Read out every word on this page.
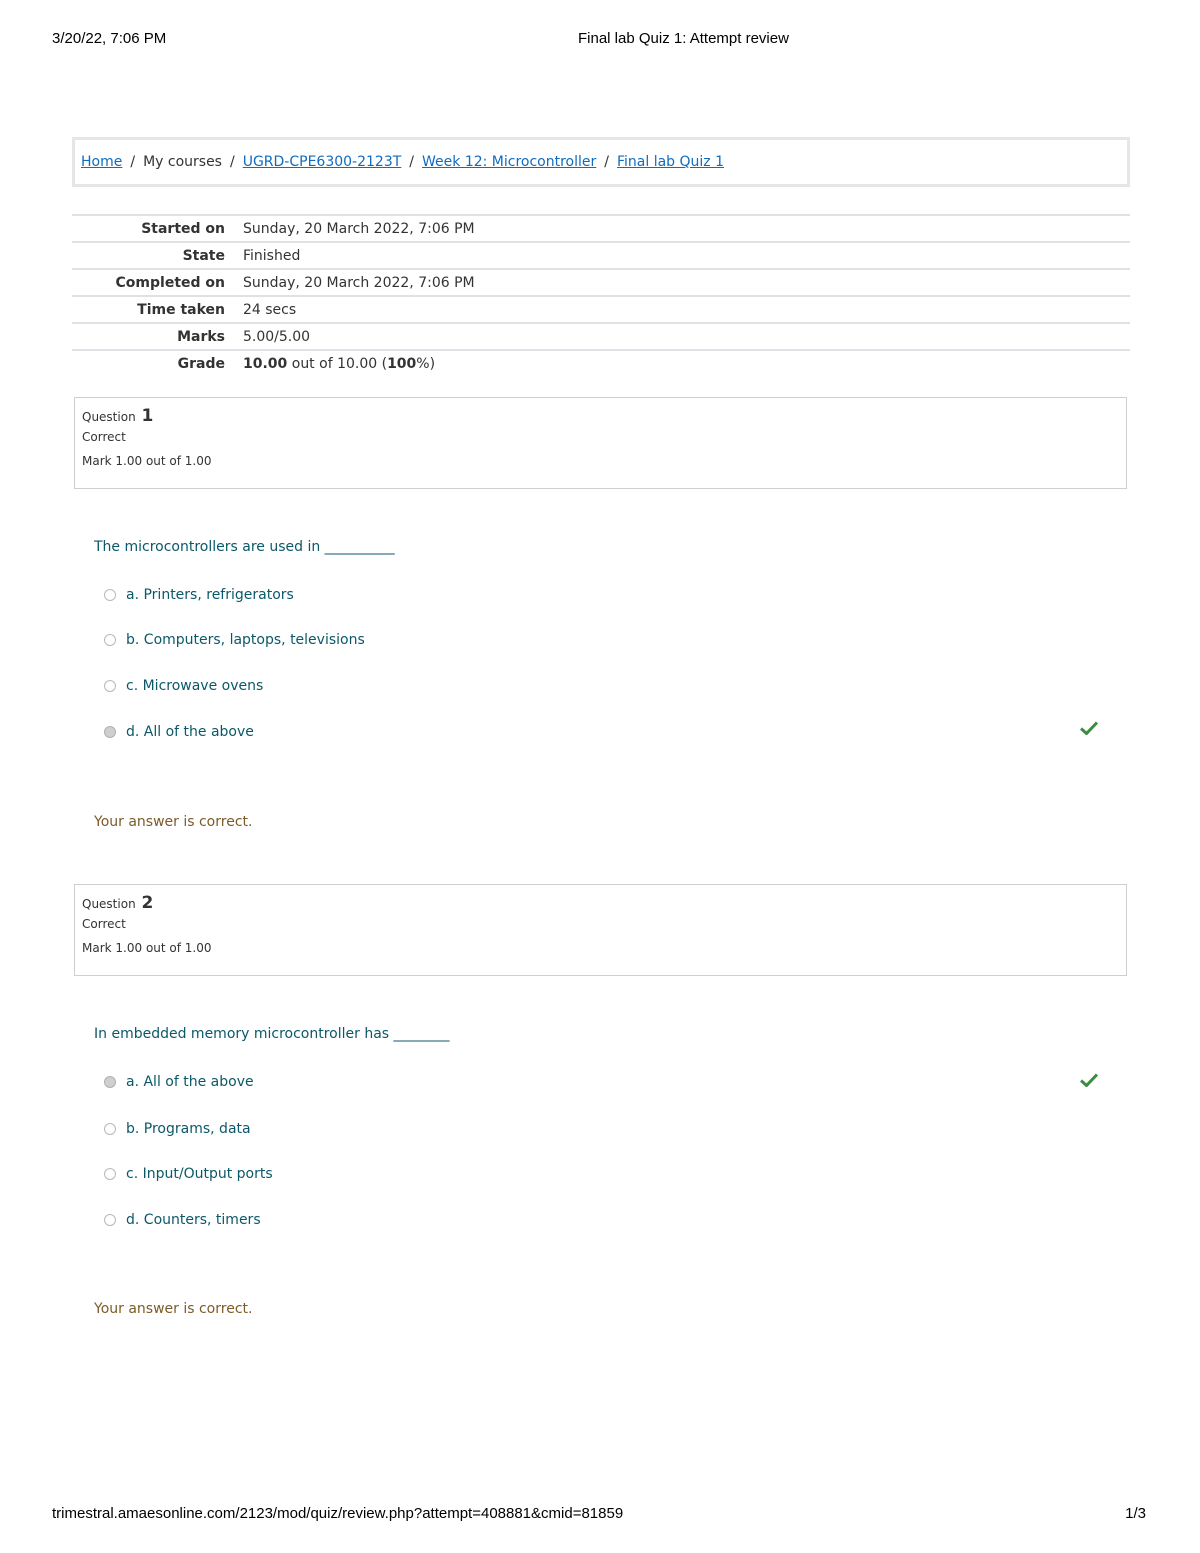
3/20/22, 7:06 PM	Final lab Quiz 1: Attempt review
Home / My courses / UGRD-CPE6300-2123T / Week 12: Microcontroller / Final lab Quiz 1
Started on	Sunday, 20 March 2022, 7:06 PM
State	Finished
Completed on	Sunday, 20 March 2022, 7:06 PM
Time taken	24 secs
Marks	5.00/5.00
Grade	10.00 out of 10.00 (100%)
Question 1
Correct
Mark 1.00 out of 1.00
The microcontrollers are used in __________
a. Printers, refrigerators
b. Computers, laptops, televisions
c. Microwave ovens
d. All of the above
Your answer is correct.
Question 2
Correct
Mark 1.00 out of 1.00
In embedded memory microcontroller has ________
a. All of the above
b. Programs, data
c. Input/Output ports
d. Counters, timers
Your answer is correct.
trimestral.amaesonline.com/2123/mod/quiz/review.php?attempt=408881&cmid=81859	1/3
